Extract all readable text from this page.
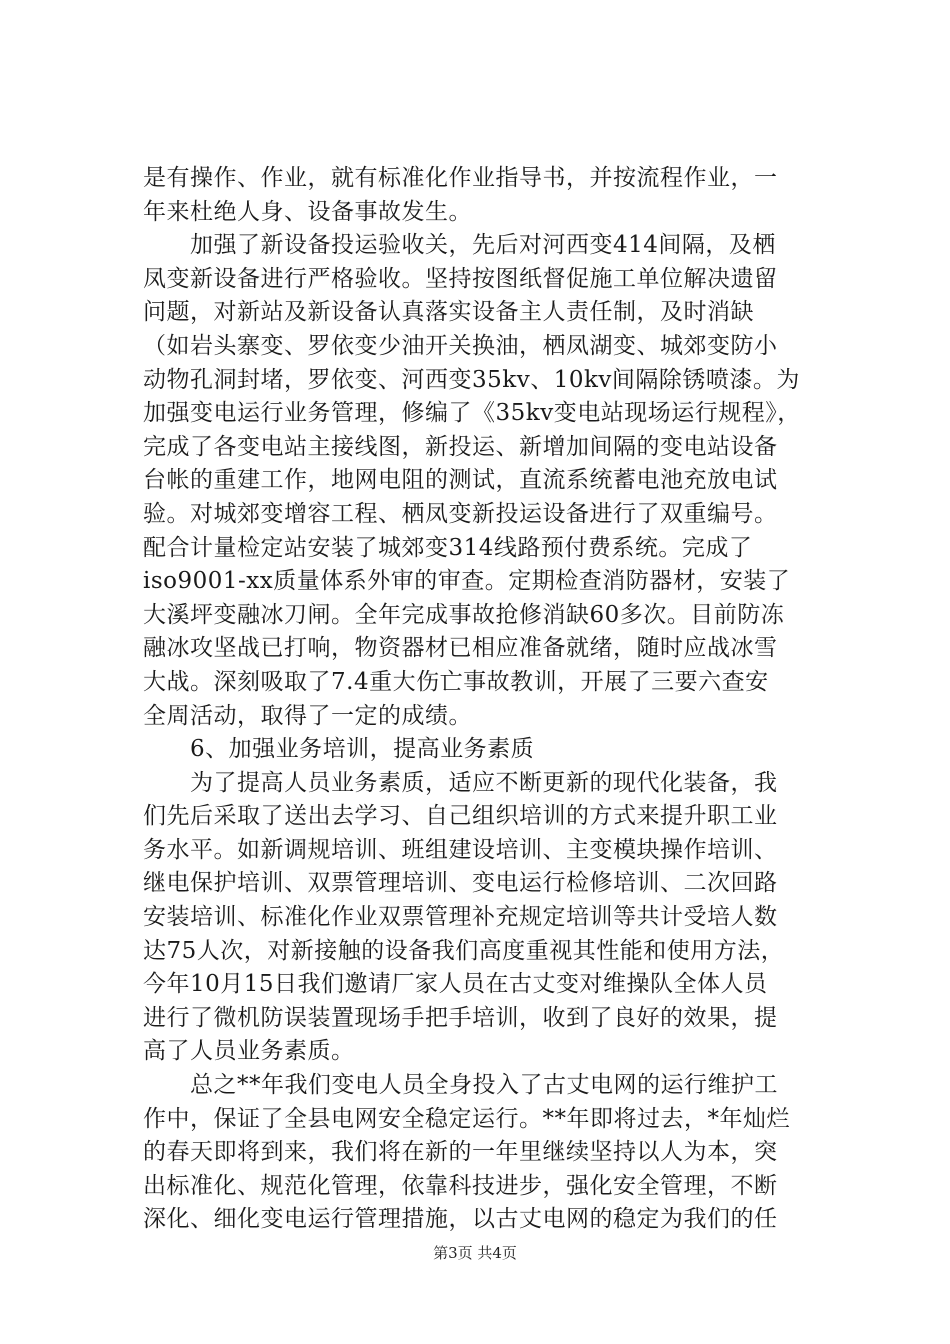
是有操作、作业，就有标准化作业指导书，并按流程作业，一
年来杜绝人身、设备事故发生。
　　加强了新设备投运验收关，先后对河西变414间隔，及栖
凤变新设备进行严格验收。坚持按图纸督促施工单位解决遗留
问题，对新站及新设备认真落实设备主人责任制，及时消缺
（如岩头寨变、罗依变少油开关换油，栖凤湖变、城郊变防小
动物孔洞封堵，罗依变、河西变35kv、10kv间隔除锈喷漆。为
加强变电运行业务管理，修编了《35kv变电站现场运行规程》，
完成了各变电站主接线图，新投运、新增加间隔的变电站设备
台帐的重建工作，地网电阻的测试，直流系统蓄电池充放电试
验。对城郊变增容工程、栖凤变新投运设备进行了双重编号。
配合计量检定站安装了城郊变314线路预付费系统。完成了
iso9001-xx质量体系外审的审查。定期检查消防器材，安装了
大溪坪变融冰刀闸。全年完成事故抢修消缺60多次。目前防冻
融冰攻坚战已打响，物资器材已相应准备就绪，随时应战冰雪
大战。深刻吸取了7.4重大伤亡事故教训，开展了三要六查安
全周活动，取得了一定的成绩。
　　6、加强业务培训，提高业务素质
　　为了提高人员业务素质，适应不断更新的现代化装备，我
们先后采取了送出去学习、自己组织培训的方式来提升职工业
务水平。如新调规培训、班组建设培训、主变模块操作培训、
继电保护培训、双票管理培训、变电运行检修培训、二次回路
安装培训、标准化作业双票管理补充规定培训等共计受培人数
达75人次，对新接触的设备我们高度重视其性能和使用方法，
今年10月15日我们邀请厂家人员在古丈变对维操队全体人员
进行了微机防误装置现场手把手培训，收到了良好的效果，提
高了人员业务素质。
　　总之**年我们变电人员全身投入了古丈电网的运行维护工
作中，保证了全县电网安全稳定运行。**年即将过去，*年灿烂
的春天即将到来，我们将在新的一年里继续坚持以人为本，突
出标准化、规范化管理，依靠科技进步，强化安全管理，不断
深化、细化变电运行管理措施，以古丈电网的稳定为我们的任
第3页 共4页
